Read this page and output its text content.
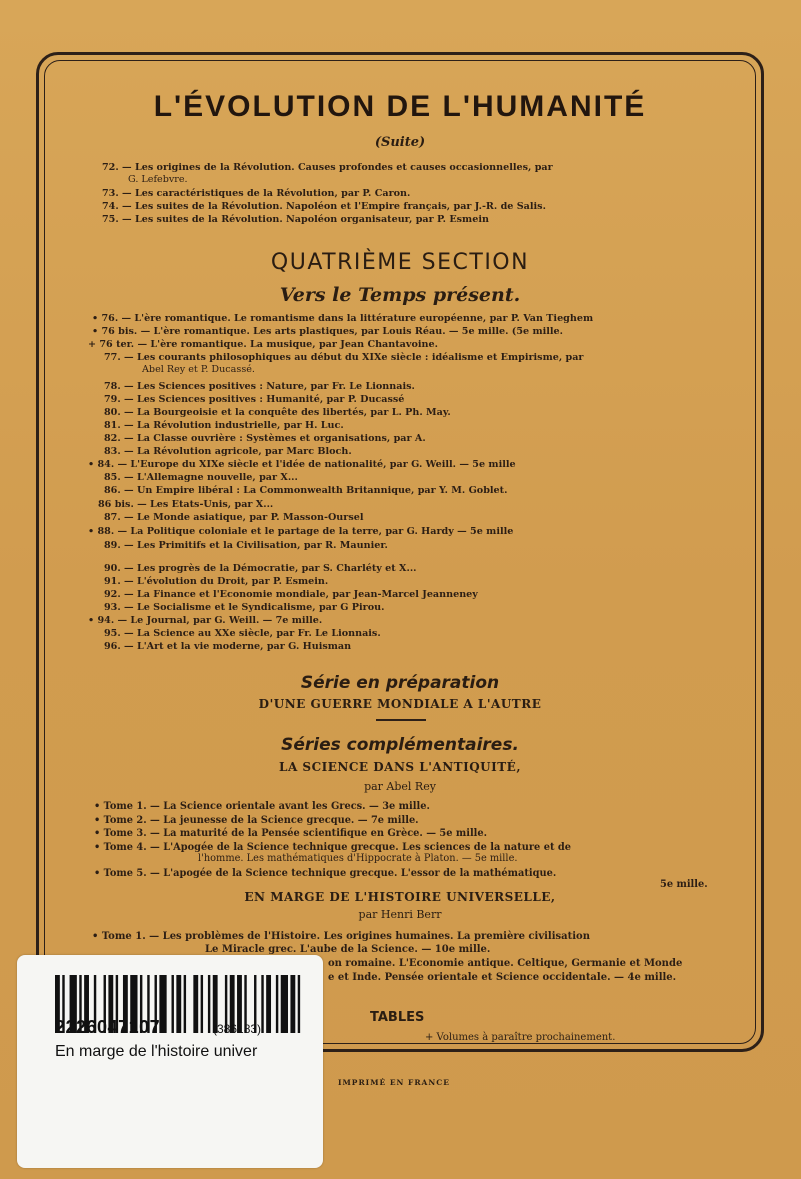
L'ÉVOLUTION DE L'HUMANITÉ
(Suite)
72. — Les origines de la Révolution. Causes profondes et causes occasionnelles, par
G. Lefebvre.
73. — Les caractéristiques de la Révolution, par P. Caron.
74. — Les suites de la Révolution. Napoléon et l'Empire français, par J.-R. de Salis.
75. — Les suites de la Révolution. Napoléon organisateur, par P. Esmein
QUATRIÈME SECTION
Vers le Temps présent.
• 76. — L'ère romantique. Le romantisme dans la littérature européenne, par P. Van Tieghem
• 76 bis. — L'ère romantique. Les arts plastiques, par Louis Réau. — 5e mille. (5e mille.
+ 76 ter. — L'ère romantique. La musique, par Jean Chantavoine.
77. — Les courants philosophiques au début du XIXe siècle : idéalisme et Empirisme, par
Abel Rey et P. Ducassé.
78. — Les Sciences positives : Nature, par Fr. Le Lionnais.
79. — Les Sciences positives : Humanité, par P. Ducassé
80. — La Bourgeoisie et la conquête des libertés, par L. Ph. May.
81. — La Révolution industrielle, par H. Luc.
82. — La Classe ouvrière : Systèmes et organisations, par A.
83. — La Révolution agricole, par Marc Bloch.
• 84. — L'Europe du XIXe siècle et l'idée de nationalité, par G. Weill. — 5e mille
85. — L'Allemagne nouvelle, par X...
86. — Un Empire libéral : La Commonwealth Britannique, par Y. M. Goblet.
86 bis. — Les Etats-Unis, par X...
87. — Le Monde asiatique, par P. Masson-Oursel
• 88. — La Politique coloniale et le partage de la terre, par G. Hardy — 5e mille
89. — Les Primitifs et la Civilisation, par R. Maunier.
90. — Les progrès de la Démocratie, par S. Charléty et X...
91. — L'évolution du Droit, par P. Esmein.
92. — La Finance et l'Economie mondiale, par Jean-Marcel Jeanneney
93. — Le Socialisme et le Syndicalisme, par G Pirou.
• 94. — Le Journal, par G. Weill. — 7e mille.
95. — La Science au XXe siècle, par Fr. Le Lionnais.
96. — L'Art et la vie moderne, par G. Huisman
Série en préparation
D'UNE GUERRE MONDIALE A L'AUTRE
Séries complémentaires.
LA SCIENCE DANS L'ANTIQUITÉ,
par Abel Rey
• Tome 1. — La Science orientale avant les Grecs. — 3e mille.
• Tome 2. — La jeunesse de la Science grecque. — 7e mille.
• Tome 3. — La maturité de la Pensée scientifique en Grèce. — 5e mille.
• Tome 4. — L'Apogée de la Science technique grecque. Les sciences de la nature et de
l'homme. Les mathématiques d'Hippocrate à Platon. — 5e mille.
• Tome 5. — L'apogée de la Science technique grecque. L'essor de la mathématique.
5e mille.
EN MARGE DE L'HISTOIRE UNIVERSELLE,
par Henri Berr
• Tome 1. — Les problèmes de l'Histoire. Les origines humaines. La première civilisation
Le Miracle grec. L'aube de la Science. — 10e mille.
on romaine. L'Economie antique. Celtique, Germanie et Monde
e et Inde. Pensée orientale et Science occidentale. — 4e mille.
TABLES
+ Volumes à paraître prochainement.
IMPRIMÉ EN FRANCE
2226047107	(386183)
En marge de l'histoire univer
